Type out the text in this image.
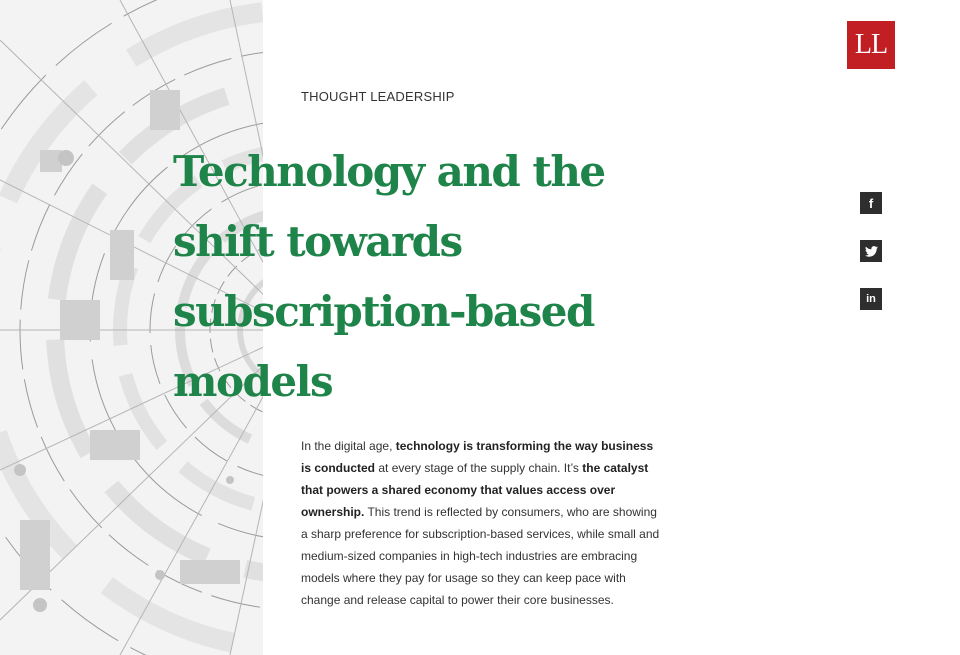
LL
THOUGHT LEADERSHIP
Technology and the shift towards subscription-based models

In the digital age, technology is transforming the way business is conducted at every stage of the supply chain. It’s the catalyst that powers a shared economy that values access over ownership. This trend is reflected by consumers, who are showing a sharp preference for subscription-based services, while small and medium-sized companies in high-tech industries are embracing models where they pay for usage so they can keep pace with change and release capital to power their core businesses.

f
in
